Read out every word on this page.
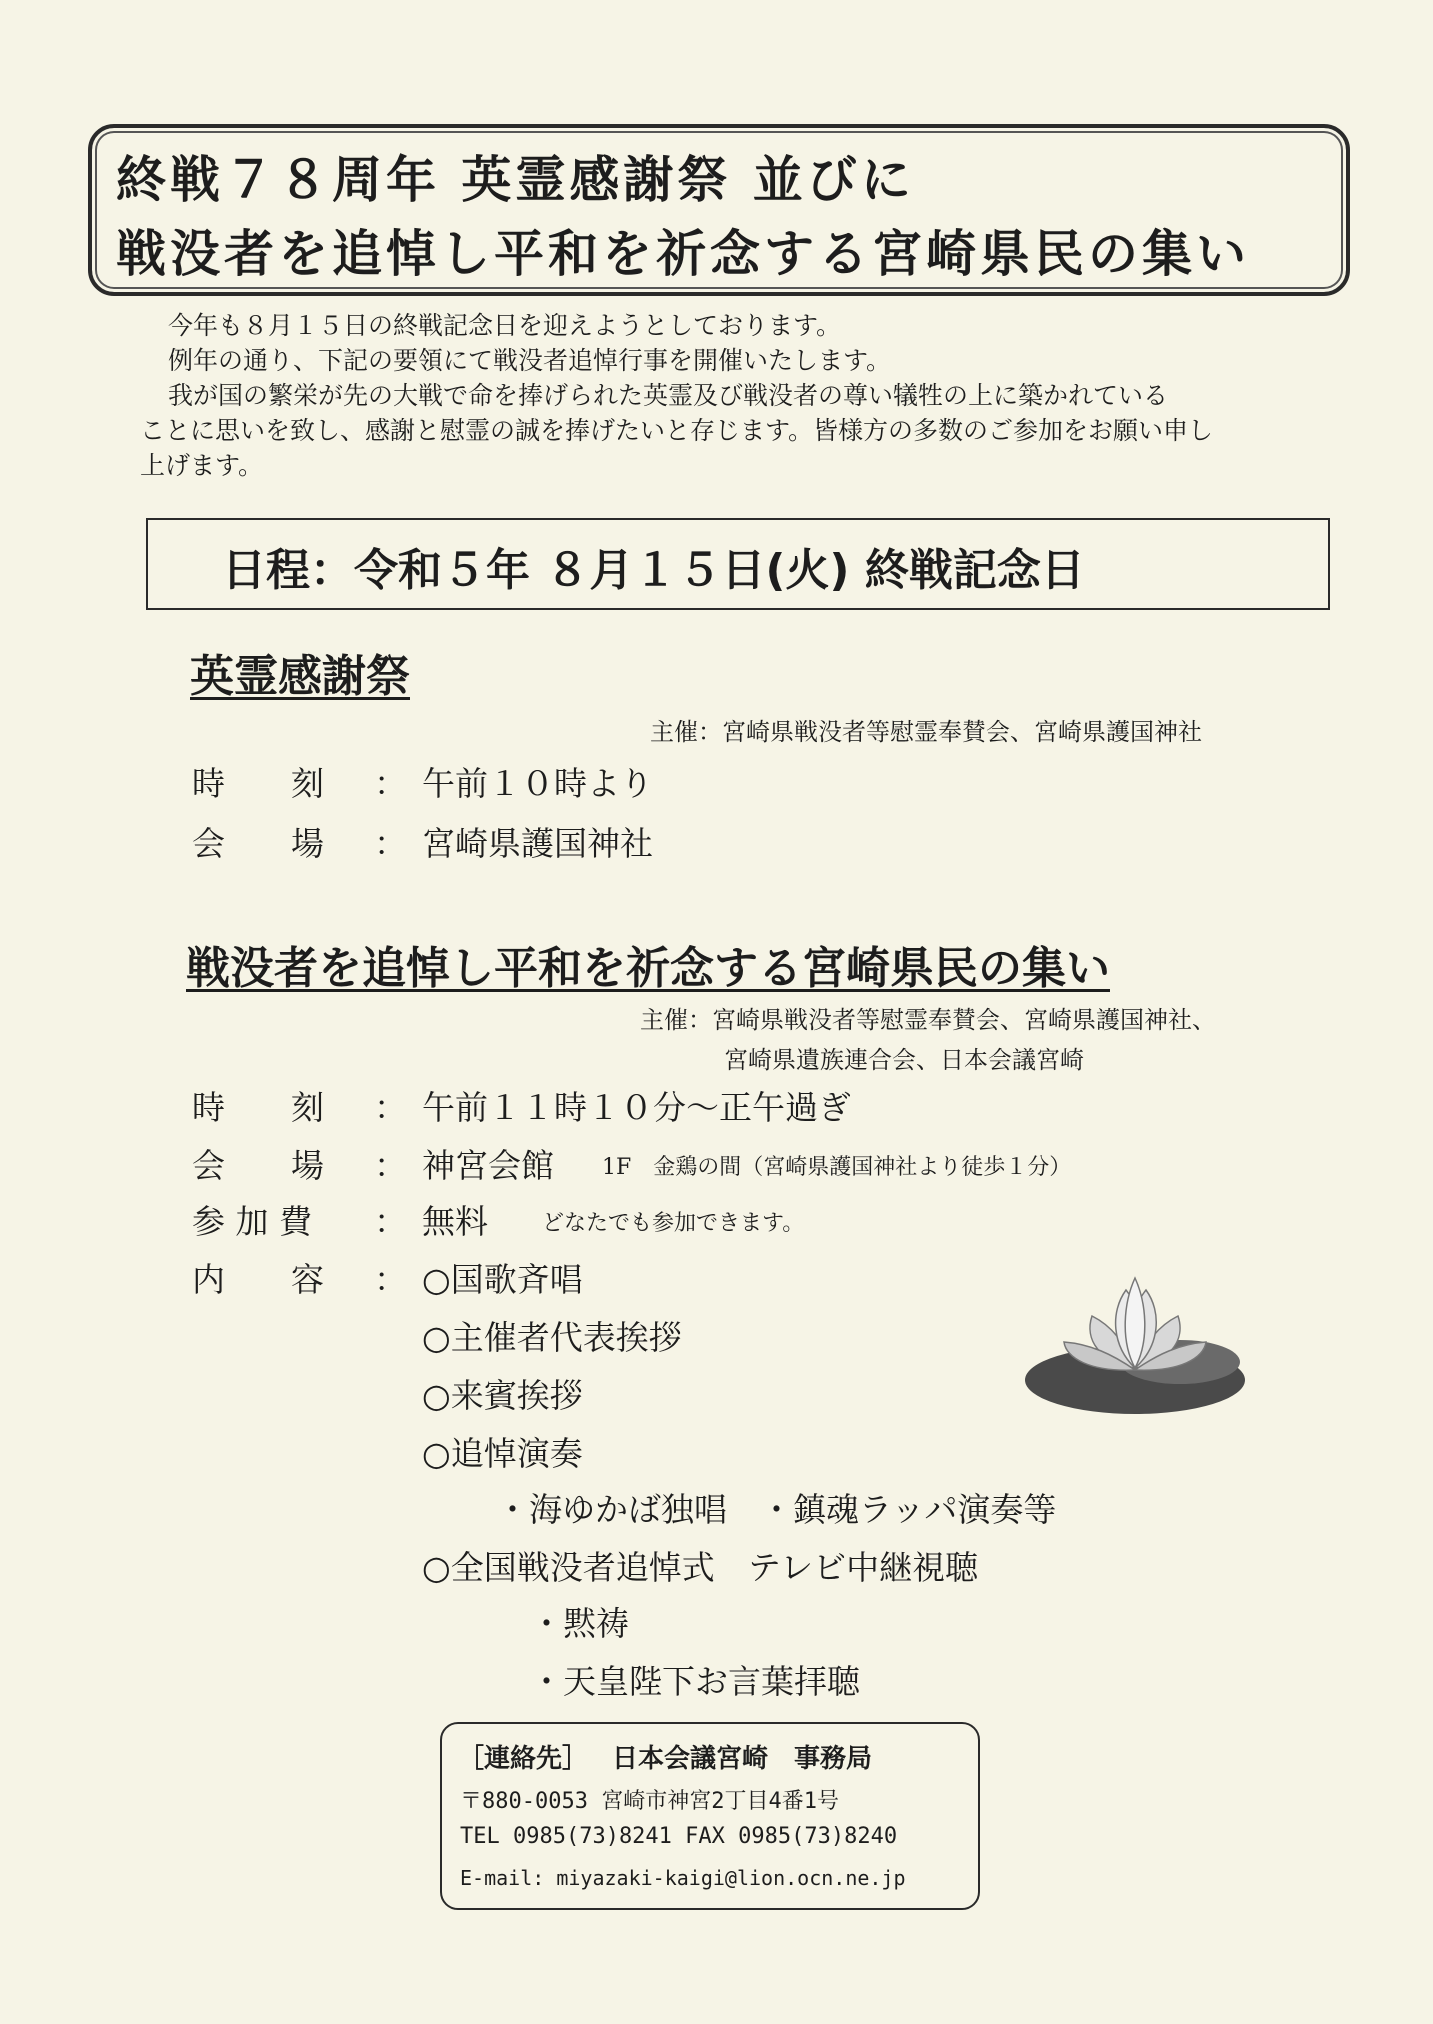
終戦７８周年 英霊感謝祭 並びに
戦没者を追悼し平和を祈念する宮崎県民の集い
今年も８月１５日の終戦記念日を迎えようとしております。
例年の通り、下記の要領にて戦没者追悼行事を開催いたします。
我が国の繁栄が先の大戦で命を捧げられた英霊及び戦没者の尊い犠牲の上に築かれている
ことに思いを致し、感謝と慰霊の誠を捧げたいと存じます。皆様方の多数のご参加をお願い申し
上げます。
日程：令和５年 ８月１５日(火) 終戦記念日
英霊感謝祭
主催：宮崎県戦没者等慰霊奉賛会、宮崎県護国神社
時　　刻 ： 午前１０時より
会　　場 ： 宮崎県護国神社
戦没者を追悼し平和を祈念する宮崎県民の集い
主催：宮崎県戦没者等慰霊奉賛会、宮崎県護国神社、
宮崎県遺族連合会、日本会議宮崎
時　　刻 ： 午前１１時１０分～正午過ぎ
会　　場 ： 神宮会館 1F　金鶏の間（宮崎県護国神社より徒歩１分）
参 加 費 ： 無料 どなたでも参加できます。
内　　容 ： ○国歌斉唱
○主催者代表挨拶
○来賓挨拶
○追悼演奏
・海ゆかば独唱　・鎮魂ラッパ演奏等
○全国戦没者追悼式　テレビ中継視聴
・黙祷
・天皇陛下お言葉拝聴
［連絡先］ 日本会議宮崎　事務局
〒880-0053 宮崎市神宮2丁目4番1号
TEL 0985(73)8241 FAX 0985(73)8240
E-mail: miyazaki-kaigi@lion.ocn.ne.jp
